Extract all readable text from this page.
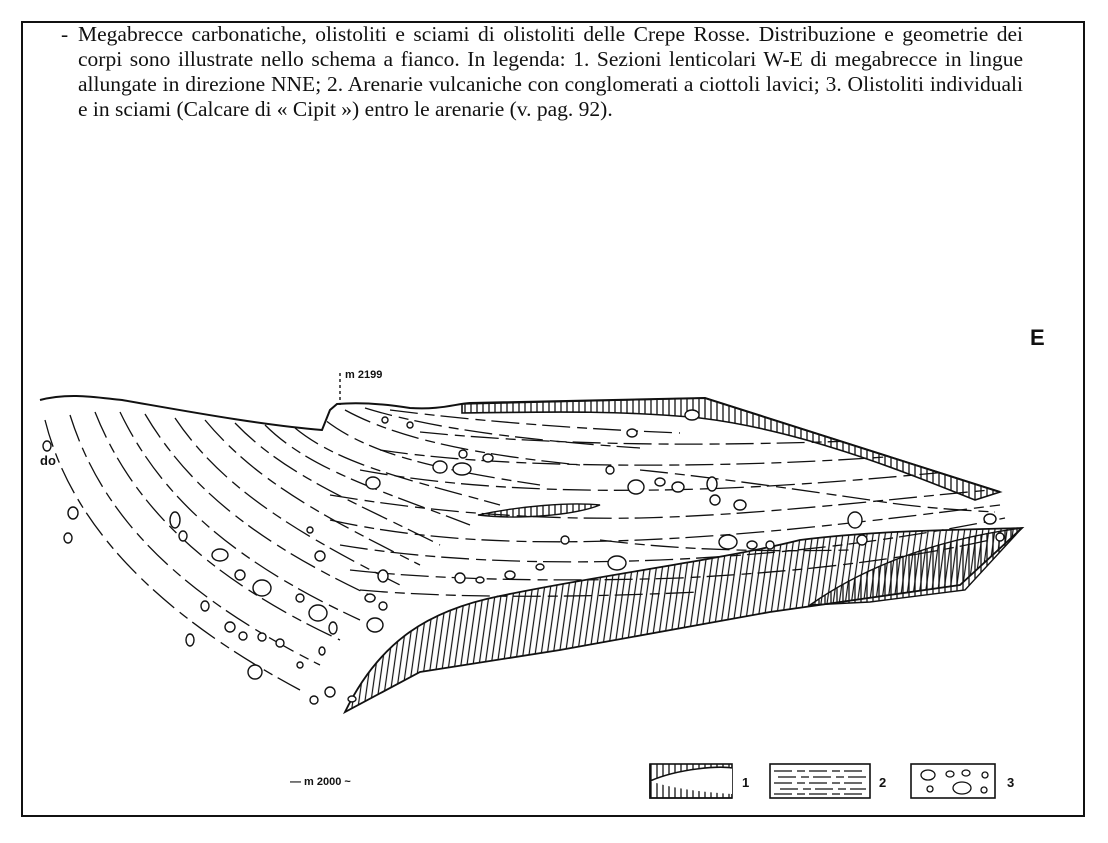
- Megabrecce carbonatiche, olistoliti e sciami di olistoliti delle Crepe Rosse. Distribuzione e geometrie dei corpi sono illustrate nello schema a fianco. In legenda: 1. Sezioni lenticolari W-E di megabrecce in lingue allungate in direzione NNE; 2. Arenarie vulcaniche con conglomerati a ciottoli lavici; 3. Olistoliti individuali e in sciami (Calcare di « Cipit ») entro le arenarie (v. pag. 92).
m 2199
E
do
— m 2000 ~	1	2	3
